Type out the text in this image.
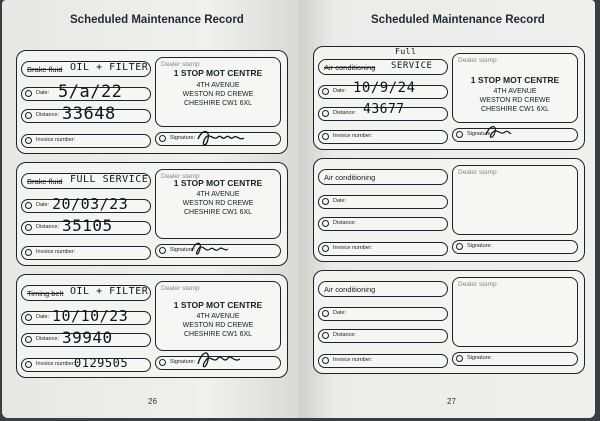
Scheduled Maintenance Record
Brake fluid OIL + FILTER
Date: 5/a/22
Distance: 33648
Invoice number:
Dealer stamp
1 STOP MOT CENTRE
4TH AVENUE
WESTON RD CREWE
CHESHIRE CW1 6XL
Signature:
Brake fluid FULL SERVICE
Date: 20/03/23
Distance: 35105
Invoice number:
Dealer stamp
1 STOP MOT CENTRE
4TH AVENUE
WESTON RD CREWE
CHESHIRE CW1 6XL
Signature:
Timing belt OIL + FILTER
Date: 10/10/23
Distance: 39940
Invoice number:
0129505
Dealer stamp
1 STOP MOT CENTRE
4TH AVENUE
WESTON RD CREWE
CHESHIRE CW1 6XL
Signature:
26
Scheduled Maintenance Record
Air conditioning
Full
SERVICE
Date: 10/9/24
Distance: 43677
Invoice number:
Dealer stamp
1 STOP MOT CENTRE
4TH AVENUE
WESTON RD CREWE
CHESHIRE CW1 6XL
Signature:
Air conditioning
Date:
Distance:
Invoice number:
Dealer stamp
Signature:
Air conditioning
Date:
Distance:
Invoice number:
Dealer stamp
Signature:
27
